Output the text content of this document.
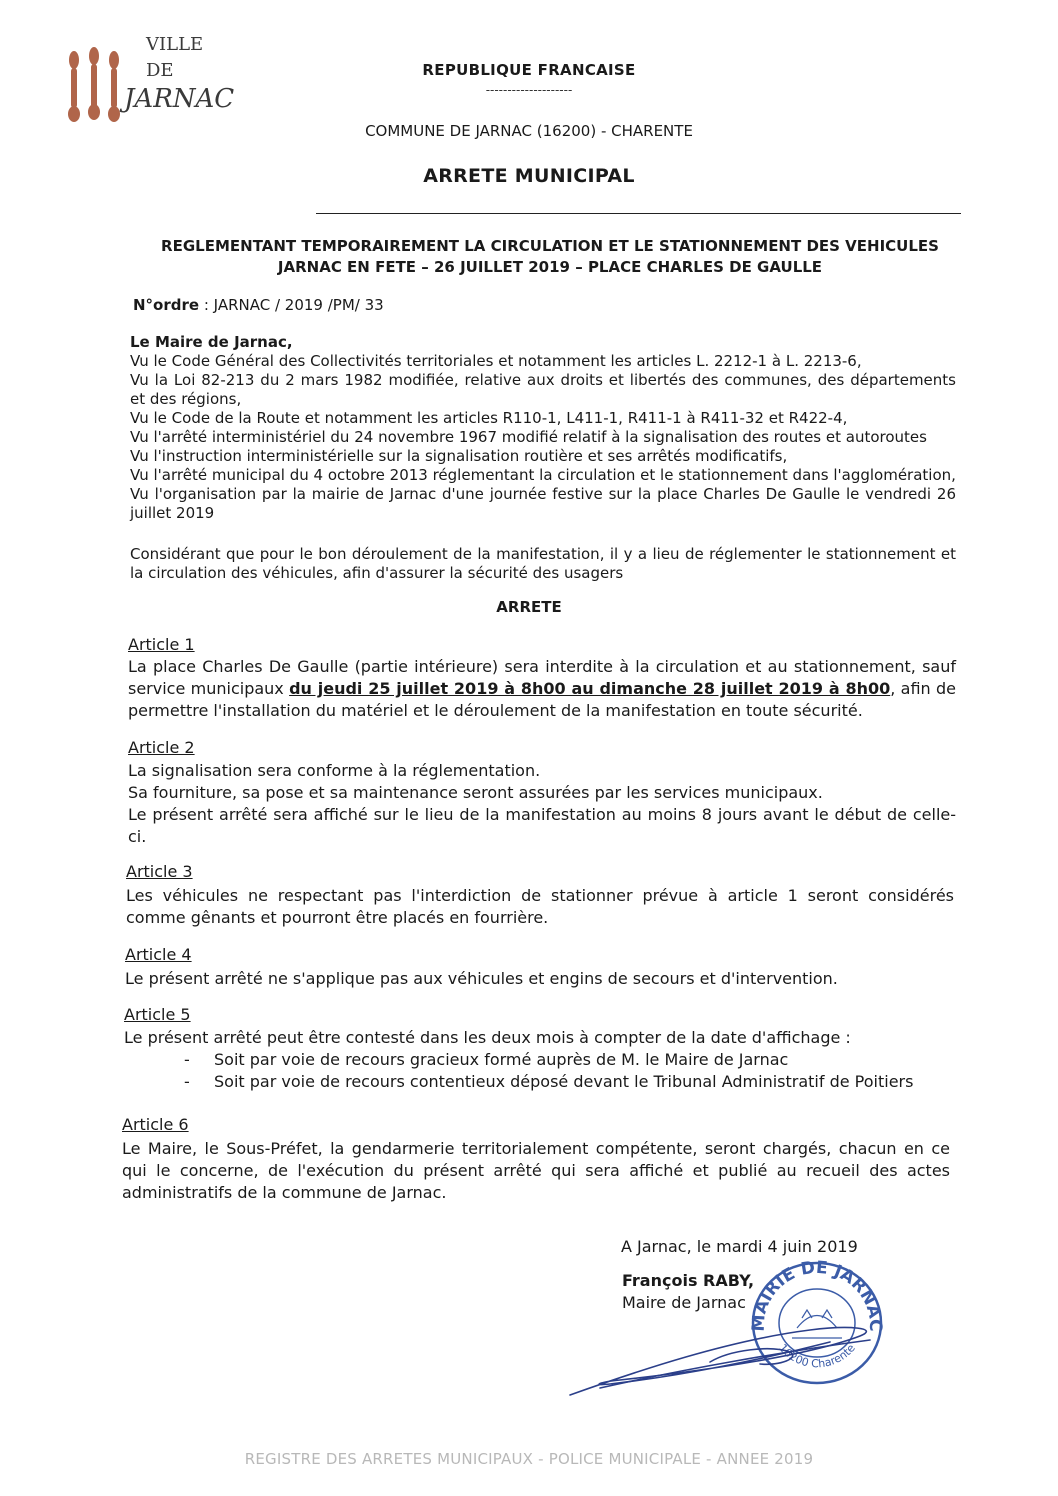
VILLE
DE
JARNAC
REPUBLIQUE FRANCAISE
--------------------
COMMUNE DE JARNAC (16200) - CHARENTE
ARRETE MUNICIPAL
REGLEMENTANT TEMPORAIREMENT LA CIRCULATION ET LE STATIONNEMENT DES VEHICULES
JARNAC EN FETE – 26 JUILLET 2019 – PLACE CHARLES DE GAULLE
N°ordre : JARNAC / 2019 /PM/ 33
Le Maire de Jarnac,
Vu le Code Général des Collectivités territoriales et notamment les articles L. 2212-1 à L. 2213-6,
Vu la Loi 82-213 du 2 mars 1982 modifiée, relative aux droits et libertés des communes, des départements et des régions,
Vu le Code de la Route et notamment les articles R110-1, L411-1, R411-1 à R411-32 et R422-4,
Vu l'arrêté interministériel du 24 novembre 1967 modifié relatif à la signalisation des routes et autoroutes
Vu l'instruction interministérielle sur la signalisation routière et ses arrêtés modificatifs,
Vu l'arrêté municipal du 4 octobre 2013 réglementant la circulation et le stationnement dans l'agglomération,
Vu l'organisation par la mairie de Jarnac d'une journée festive sur la place Charles De Gaulle le vendredi 26 juillet 2019
Considérant que pour le bon déroulement de la manifestation, il y a lieu de réglementer le stationnement et la circulation des véhicules, afin d'assurer la sécurité des usagers
ARRETE
Article 1
La place Charles De Gaulle (partie intérieure) sera interdite à la circulation et au stationnement, sauf service municipaux du jeudi 25 juillet 2019 à 8h00 au dimanche 28 juillet 2019 à 8h00, afin de permettre l'installation du matériel et le déroulement de la manifestation en toute sécurité.
Article 2
La signalisation sera conforme à la réglementation.
Sa fourniture, sa pose et sa maintenance seront assurées par les services municipaux.
Le présent arrêté sera affiché sur le lieu de la manifestation au moins 8 jours avant le début de celle-ci.
Article 3
Les véhicules ne respectant pas l'interdiction de stationner prévue à article 1 seront considérés comme gênants et pourront être placés en fourrière.
Article 4
Le présent arrêté ne s'applique pas aux véhicules et engins de secours et d'intervention.
Article 5
Le présent arrêté peut être contesté dans les deux mois à compter de la date d'affichage :
- Soit par voie de recours gracieux formé auprès de M. le Maire de Jarnac
- Soit par voie de recours contentieux déposé devant le Tribunal Administratif de Poitiers
Article 6
Le Maire, le Sous-Préfet, la gendarmerie territorialement compétente, seront chargés, chacun en ce qui le concerne, de l'exécution du présent arrêté qui sera affiché et publié au recueil des actes administratifs de la commune de Jarnac.
A Jarnac, le mardi 4 juin 2019
François RABY,
Maire de Jarnac
MAIRIE DE JARNAC
16200 Charente
REGISTRE DES ARRETES MUNICIPAUX - POLICE MUNICIPALE - ANNEE 2019
